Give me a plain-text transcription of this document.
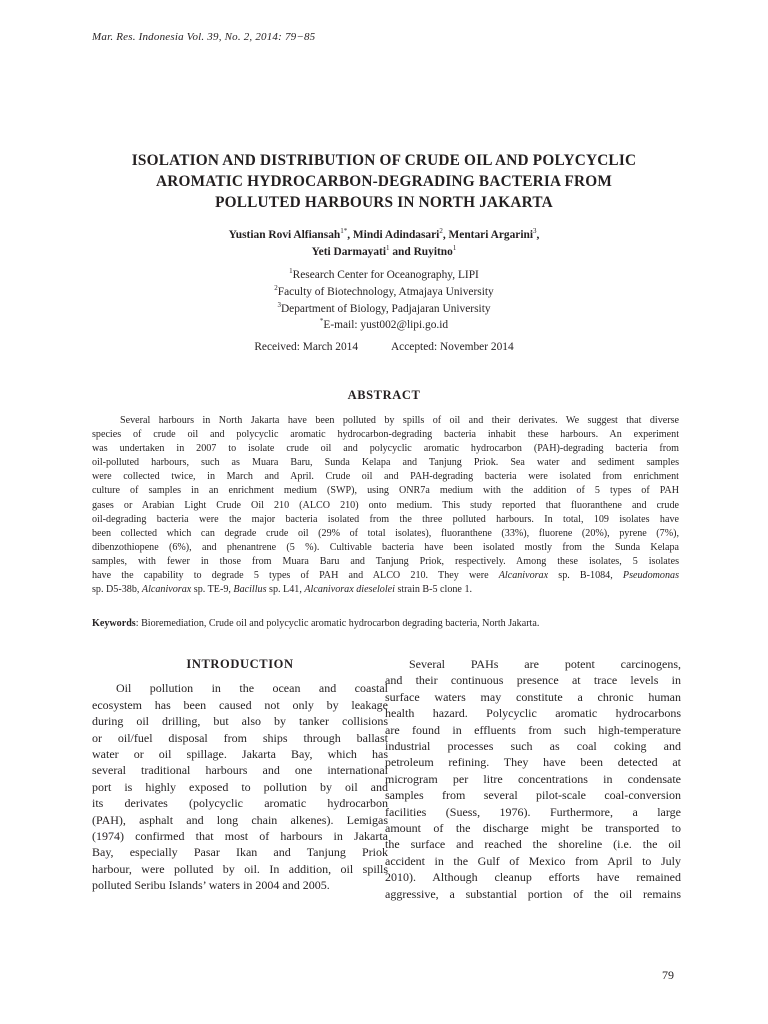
Mar. Res. Indonesia Vol. 39, No. 2, 2014: 79−85
ISOLATION AND DISTRIBUTION OF CRUDE OIL AND POLYCYCLIC
AROMATIC HYDROCARBON-DEGRADING BACTERIA FROM
POLLUTED HARBOURS IN NORTH JAKARTA
Yustian Rovi Alfiansah$^{1*}$, Mindi Adindasari$^2$, Mentari Argarini$^3$,
Yeti Darmayati$^1$ and Ruyitno$^1$
$^1$Research Center for Oceanography, LIPI
$^2$Faculty of Biotechnology, Atmajaya University
$^3$Department of Biology, Padjajaran University
*E-mail: yust002@lipi.go.id
Received: March 2014	Accepted: November 2014
ABSTRACT
Several harbours in North Jakarta have been polluted by spills of oil and their derivates. We suggest that diverse
species of crude oil and polycyclic aromatic hydrocarbon-degrading bacteria inhabit these harbours. An experiment
was undertaken in 2007 to isolate crude oil and polycyclic aromatic hydrocarbon (PAH)-degrading bacteria from
oil-polluted harbours, such as Muara Baru, Sunda Kelapa and Tanjung Priok. Sea water and sediment samples
were collected twice, in March and April. Crude oil and PAH-degrading bacteria were isolated from enrichment
culture of samples in an enrichment medium (SWP), using ONR7a medium with the addition of 5 types of PAH
gases or Arabian Light Crude Oil 210 (ALCO 210) onto medium. This study reported that fluoranthene and crude
oil-degrading bacteria were the major bacteria isolated from the three polluted harbours. In total, 109 isolates have
been collected which can degrade crude oil (29% of total isolates), fluoranthene (33%), fluorene (20%), pyrene (7%),
dibenzothiopene (6%), and phenantrene (5 %). Cultivable bacteria have been isolated mostly from the Sunda Kelapa
samples, with fewer in those from Muara Baru and Tanjung Priok, respectively. Among these isolates, 5 isolates
have the capability to degrade 5 types of PAH and ALCO 210. They were Alcanivorax sp. B-1084, Pseudomonas
sp. D5-38b, Alcanivorax sp. TE-9, Bacillus sp. L41, Alcanivorax dieselolei strain B-5 clone 1.
Keywords: Bioremediation, Crude oil and polycyclic aromatic hydrocarbon degrading bacteria, North Jakarta.
INTRODUCTION
Oil pollution in the ocean and coastal
ecosystem has been caused not only by leakage
during oil drilling, but also by tanker collisions
or oil/fuel disposal from ships through ballast
water or oil spillage. Jakarta Bay, which has
several traditional harbours and one international
port is highly exposed to pollution by oil and
its derivates (polycyclic aromatic hydrocarbon
(PAH), asphalt and long chain alkenes). Lemigas
(1974) confirmed that most of harbours in Jakarta
Bay, especially Pasar Ikan and Tanjung Priok
harbour, were polluted by oil. In addition, oil spills
polluted Seribu Islands’ waters in 2004 and 2005.
Several PAHs are potent carcinogens,
and their continuous presence at trace levels in
surface waters may constitute a chronic human
health hazard. Polycyclic aromatic hydrocarbons
are found in effluents from such high-temperature
industrial processes such as coal coking and
petroleum refining. They have been detected at
microgram per litre concentrations in condensate
samples from several pilot-scale coal-conversion
facilities (Suess, 1976). Furthermore, a large
amount of the discharge might be transported to
the surface and reached the shoreline (i.e. the oil
accident in the Gulf of Mexico from April to July
2010). Although cleanup efforts have remained
aggressive, a substantial portion of the oil remains
79
